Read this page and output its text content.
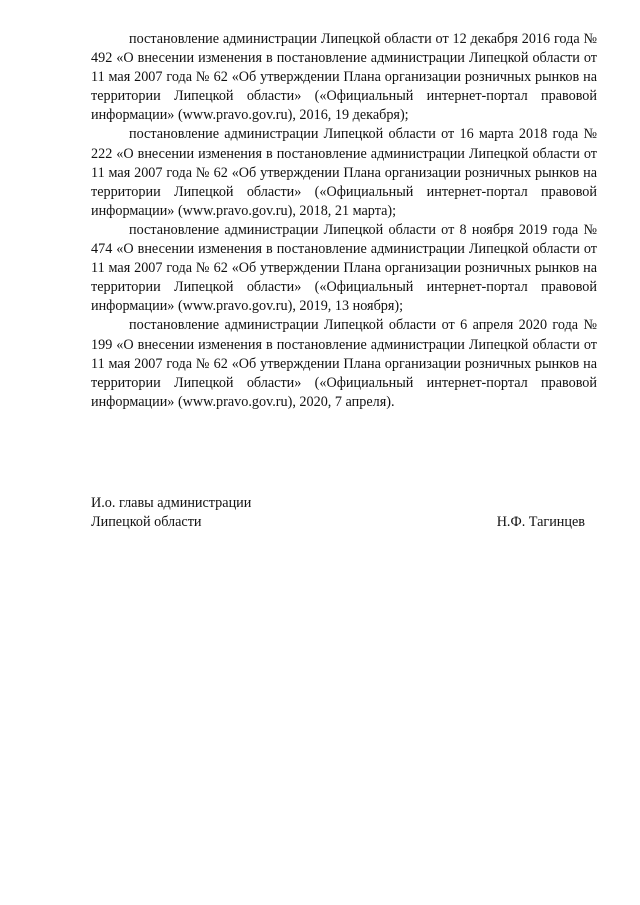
постановление администрации Липецкой области от 12 декабря 2016 года № 492 «О внесении изменения в постановление администрации Липецкой области от 11 мая 2007 года № 62 «Об утверждении Плана организации розничных рынков на территории Липецкой области» («Официальный интернет-портал правовой информации» (www.pravo.gov.ru), 2016, 19 декабря);

постановление администрации Липецкой области от 16 марта 2018 года № 222 «О внесении изменения в постановление администрации Липецкой области от 11 мая 2007 года № 62 «Об утверждении Плана организации розничных рынков на территории Липецкой области» («Официальный интернет-портал правовой информации» (www.pravo.gov.ru), 2018, 21 марта);

постановление администрации Липецкой области от 8 ноября 2019 года № 474 «О внесении изменения в постановление администрации Липецкой области от 11 мая 2007 года № 62 «Об утверждении Плана организации розничных рынков на территории Липецкой области» («Официальный интернет-портал правовой информации» (www.pravo.gov.ru), 2019, 13 ноября);

постановление администрации Липецкой области от 6 апреля 2020 года № 199 «О внесении изменения в постановление администрации Липецкой области от 11 мая 2007 года № 62 «Об утверждении Плана организации розничных рынков на территории Липецкой области» («Официальный интернет-портал правовой информации» (www.pravo.gov.ru), 2020, 7 апреля).

И.о. главы администрации
Липецкой области	Н.Ф. Тагинцев
